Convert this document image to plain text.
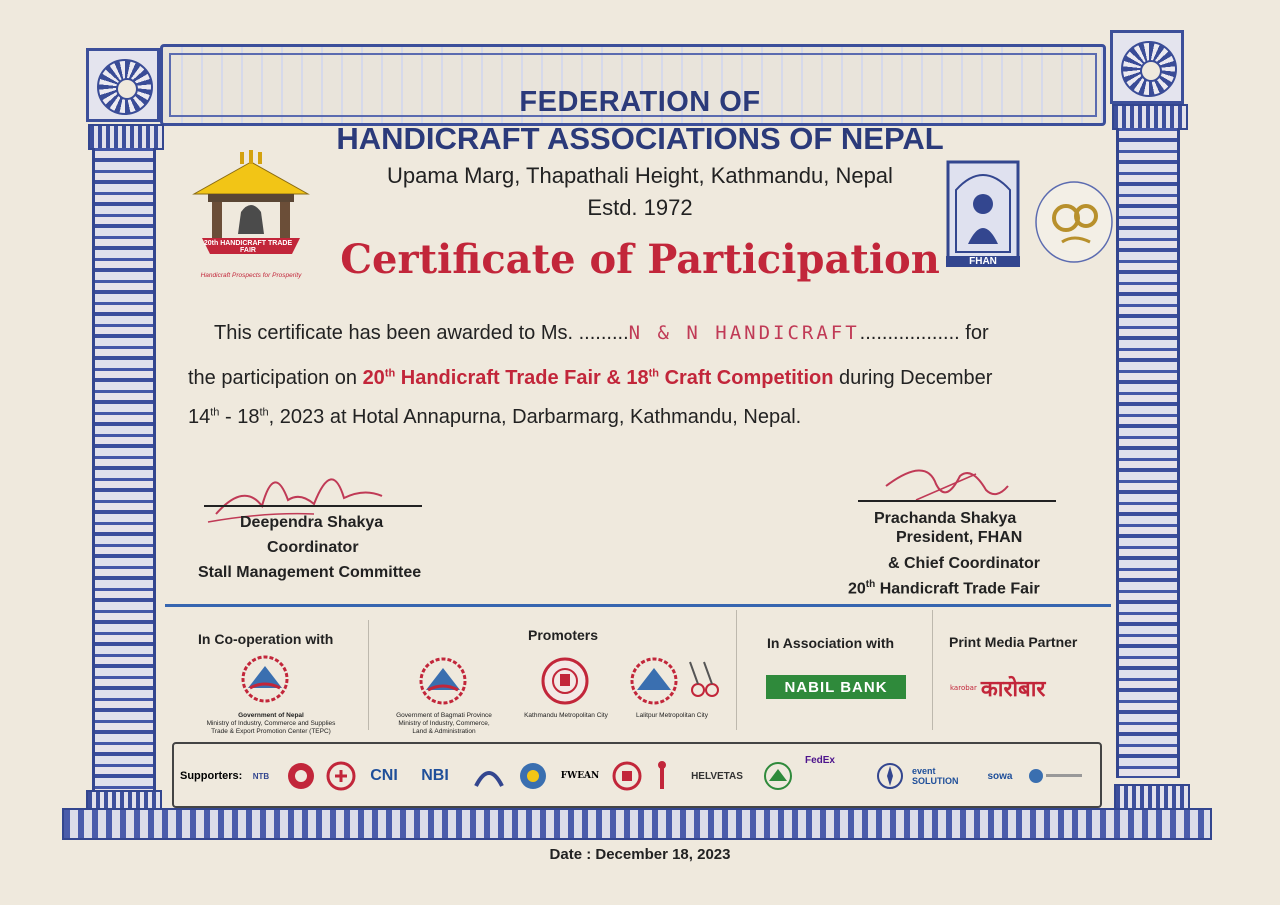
20th HANDICRAFT TRADE FAIR
Handicraft Prospects for Prosperity
FHAN
FEDERATION OF
HANDICRAFT ASSOCIATIONS OF NEPAL
Upama Marg, Thapathali Height, Kathmandu, Nepal
Estd. 1972
Certificate of Participation
This certificate has been awarded to Ms. .........N & N HANDICRAFT.................. for
the participation on 20th Handicraft Trade Fair & 18th Craft Competition during December
14th - 18th, 2023 at Hotal Annapurna, Darbarmarg, Kathmandu, Nepal.
Deependra Shakya
Coordinator
Stall Management Committee
Prachanda Shakya
President, FHAN
& Chief Coordinator
20th Handicraft Trade Fair
In Co-operation with
Government of Nepal
Ministry of Industry, Commerce and Supplies
Trade & Export Promotion Center (TEPC)
Promoters
Government of Bagmati Province
Ministry of Industry, Commerce,
Land & Administration
Kathmandu Metropolitan City	Lalitpur Metropolitan City
In Association with
NABIL BANK
Print Media Partner
karobar कारोबार
Supporters: NTB	CNI NBI	FWEAN	HELVETAS
FedEx
event SOLUTION	sowa
Date : December 18, 2023
